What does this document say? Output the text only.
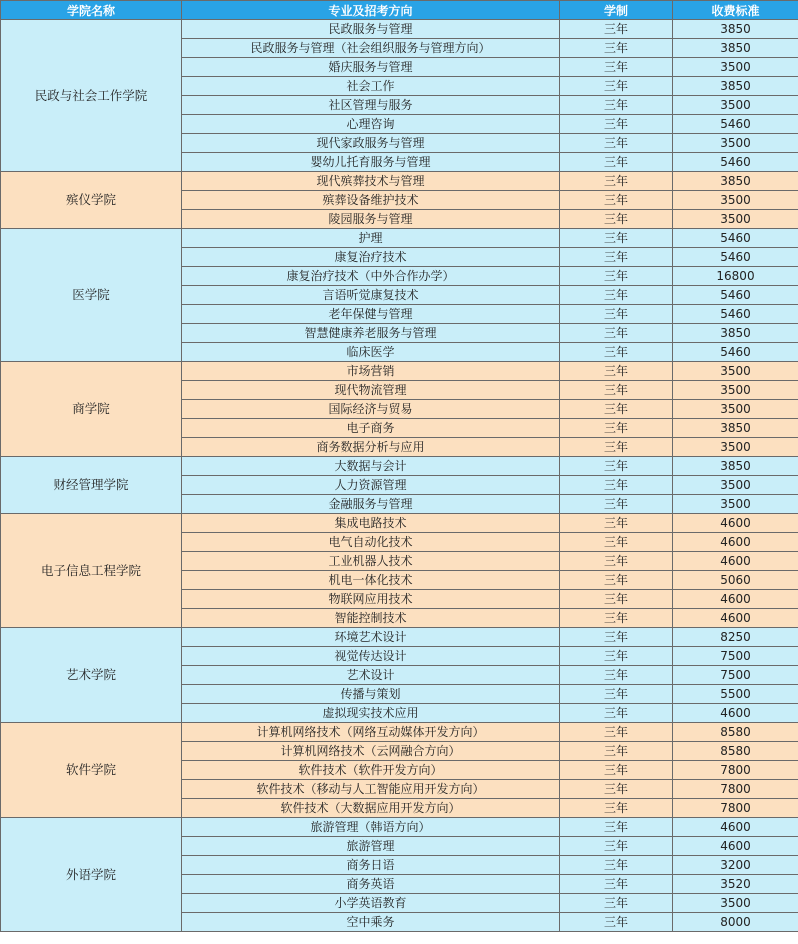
学院名称	专业及招考方向	学制	收费标准
民政与社会工作学院	民政服务与管理	三年	3850
	民政服务与管理（社会组织服务与管理方向）	三年	3850
	婚庆服务与管理	三年	3500
	社会工作	三年	3850
	社区管理与服务	三年	3500
	心理咨询	三年	5460
	现代家政服务与管理	三年	3500
	婴幼儿托育服务与管理	三年	5460
殡仪学院	现代殡葬技术与管理	三年	3850
	殡葬设备维护技术	三年	3500
	陵园服务与管理	三年	3500
医学院	护理	三年	5460
	康复治疗技术	三年	5460
	康复治疗技术（中外合作办学）	三年	16800
	言语听觉康复技术	三年	5460
	老年保健与管理	三年	5460
	智慧健康养老服务与管理	三年	3850
	临床医学	三年	5460
商学院	市场营销	三年	3500
	现代物流管理	三年	3500
	国际经济与贸易	三年	3500
	电子商务	三年	3850
	商务数据分析与应用	三年	3500
财经管理学院	大数据与会计	三年	3850
	人力资源管理	三年	3500
	金融服务与管理	三年	3500
电子信息工程学院	集成电路技术	三年	4600
	电气自动化技术	三年	4600
	工业机器人技术	三年	4600
	机电一体化技术	三年	5060
	物联网应用技术	三年	4600
	智能控制技术	三年	4600
艺术学院	环境艺术设计	三年	8250
	视觉传达设计	三年	7500
	艺术设计	三年	7500
	传播与策划	三年	5500
	虚拟现实技术应用	三年	4600
软件学院	计算机网络技术（网络互动媒体开发方向）	三年	8580
	计算机网络技术（云网融合方向）	三年	8580
	软件技术（软件开发方向）	三年	7800
	软件技术（移动与人工智能应用开发方向）	三年	7800
	软件技术（大数据应用开发方向）	三年	7800
外语学院	旅游管理（韩语方向）	三年	4600
	旅游管理	三年	4600
	商务日语	三年	3200
	商务英语	三年	3520
	小学英语教育	三年	3500
	空中乘务	三年	8000
